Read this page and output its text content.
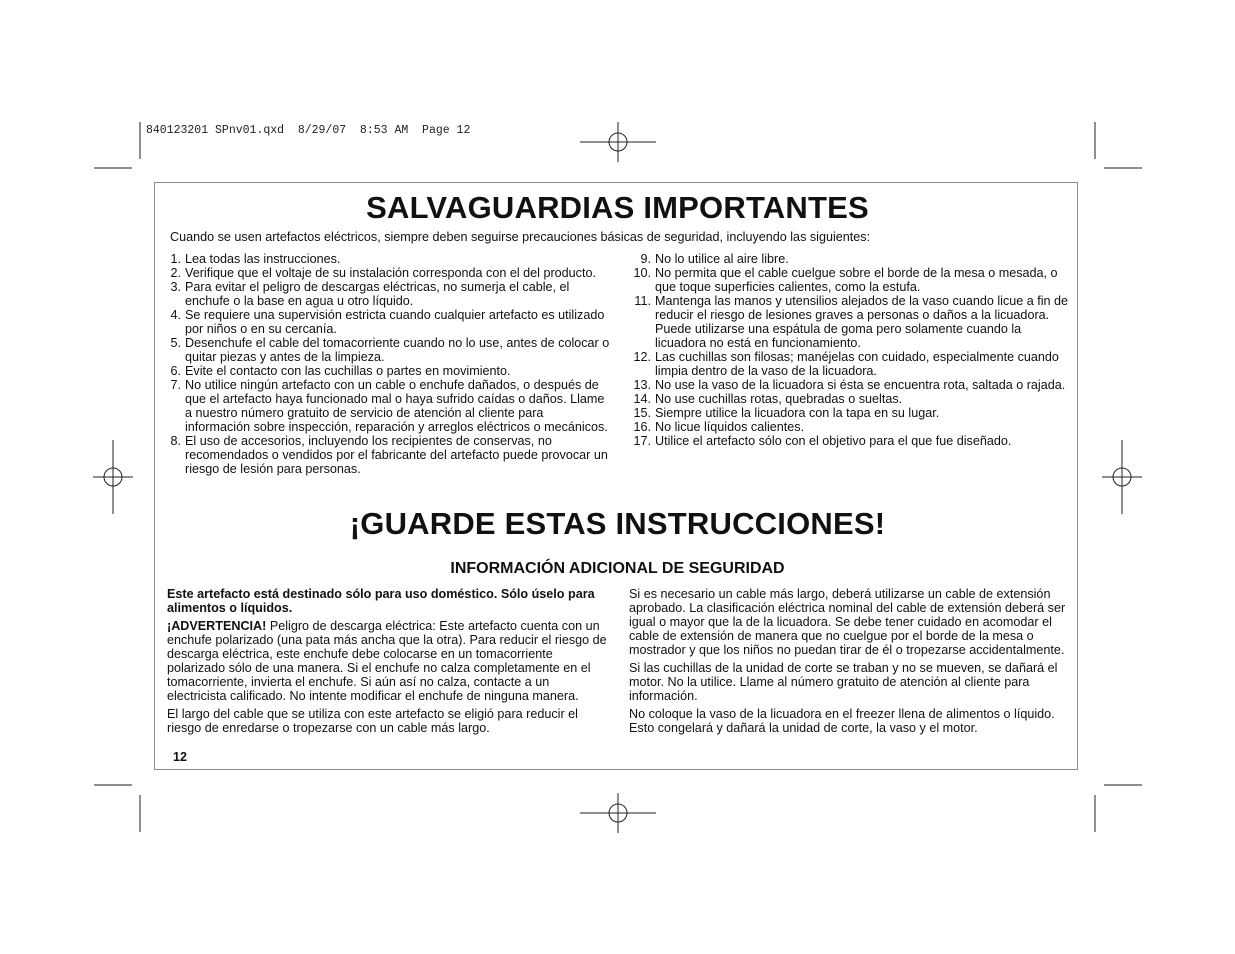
840123201 SPnv01.qxd  8/29/07  8:53 AM  Page 12
SALVAGUARDIAS IMPORTANTES

Cuando se usen artefactos eléctricos, siempre deben seguirse precauciones básicas de seguridad, incluyendo las siguientes:

1. Lea todas las instrucciones.
2. Verifique que el voltaje de su instalación corresponda con el del producto.
3. Para evitar el peligro de descargas eléctricas, no sumerja el cable, el enchufe o la base en agua u otro líquido.
4. Se requiere una supervisión estricta cuando cualquier artefacto es utilizado por niños o en su cercanía.
5. Desenchufe el cable del tomacorriente cuando no lo use, antes de colocar o quitar piezas y antes de la limpieza.
6. Evite el contacto con las cuchillas o partes en movimiento.
7. No utilice ningún artefacto con un cable o enchufe dañados, o después de que el artefacto haya funcionado mal o haya sufrido caídas o daños. Llame a nuestro número gratuito de servicio de atención al cliente para información sobre inspección, reparación y arreglos eléctricos o mecánicos.
8. El uso de accesorios, incluyendo los recipientes de conservas, no recomendados o vendidos por el fabricante del artefacto puede provocar un riesgo de lesión para personas.
9. No lo utilice al aire libre.
10. No permita que el cable cuelgue sobre el borde de la mesa o mesada, o que toque superficies calientes, como la estufa.
11. Mantenga las manos y utensilios alejados de la vaso cuando licue a fin de reducir el riesgo de lesiones graves a personas o daños a la licuadora. Puede utilizarse una espátula de goma pero solamente cuando la licuadora no está en funcionamiento.
12. Las cuchillas son filosas; manéjelas con cuidado, especialmente cuando limpia dentro de la vaso de la licuadora.
13. No use la vaso de la licuadora si ésta se encuentra rota, saltada o rajada.
14. No use cuchillas rotas, quebradas o sueltas.
15. Siempre utilice la licuadora con la tapa en su lugar.
16. No licue líquidos calientes.
17. Utilice el artefacto sólo con el objetivo para el que fue diseñado.
¡GUARDE ESTAS INSTRUCCIONES!
INFORMACIÓN ADICIONAL DE SEGURIDAD

Este artefacto está destinado sólo para uso doméstico. Sólo úselo para alimentos o líquidos.

¡ADVERTENCIA! Peligro de descarga eléctrica: Este artefacto cuenta con un enchufe polarizado (una pata más ancha que la otra). Para reducir el riesgo de descarga eléctrica, este enchufe debe colocarse en un tomacorriente polarizado sólo de una manera. Si el enchufe no calza completamente en el tomacorriente, invierta el enchufe. Si aún así no calza, contacte a un electricista calificado. No intente modificar el enchufe de ninguna manera.

El largo del cable que se utiliza con este artefacto se eligió para reducir el riesgo de enredarse o tropezarse con un cable más largo.

Si es necesario un cable más largo, deberá utilizarse un cable de extensión aprobado. La clasificación eléctrica nominal del cable de extensión deberá ser igual o mayor que la de la licuadora. Se debe tener cuidado en acomodar el cable de extensión de manera que no cuelgue por el borde de la mesa o mostrador y que los niños no puedan tirar de él o tropezarse accidentalmente.

Si las cuchillas de la unidad de corte se traban y no se mueven, se dañará el motor. No la utilice. Llame al número gratuito de atención al cliente para información.

No coloque la vaso de la licuadora en el freezer llena de alimentos o líquido. Esto congelará y dañará la unidad de corte, la vaso y el motor.

12
